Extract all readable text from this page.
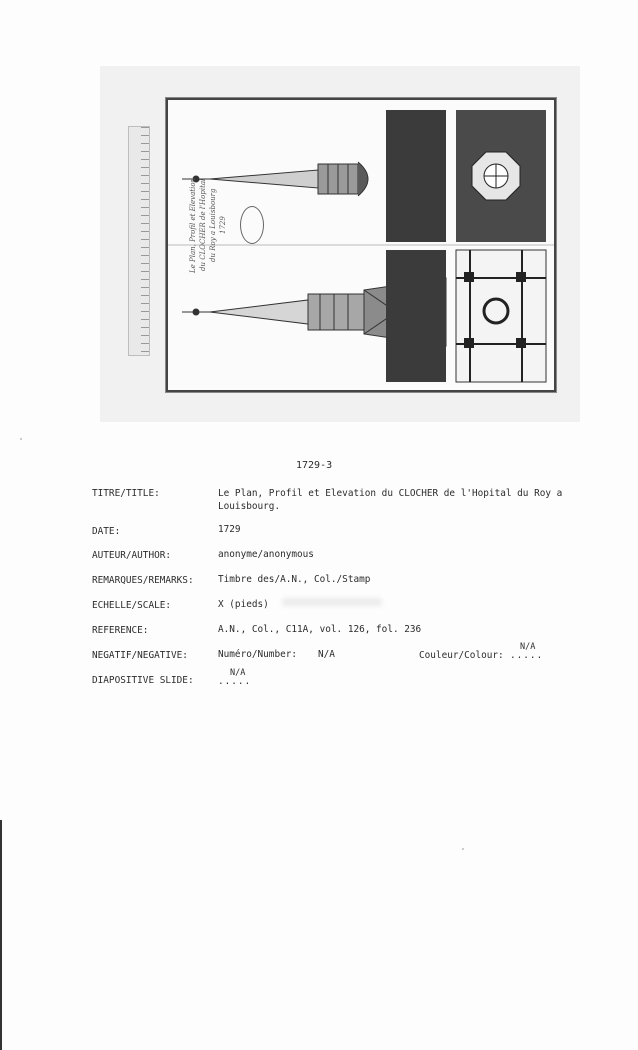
Le Plan, Profil et Elevation du CLOCHER de l'Hopital du Roy a Louisbourg 1729
1729-3
TITRE/TITLE:	Le Plan, Profil et Elevation du CLOCHER de l'Hopital du Roy a Louisbourg.
DATE:	1729
AUTEUR/AUTHOR:	anonyme/anonymous
REMARQUES/REMARKS:	Timbre des/A.N., Col./Stamp
ECHELLE/SCALE:	X (pieds)
REFERENCE:	A.N., Col., C11A, vol. 126, fol. 236
NEGATIF/NEGATIVE:	Numéro/Number: N/A	Couleur/Colour:
N/A
.....
DIAPOSITIVE SLIDE:
N/A
.....
